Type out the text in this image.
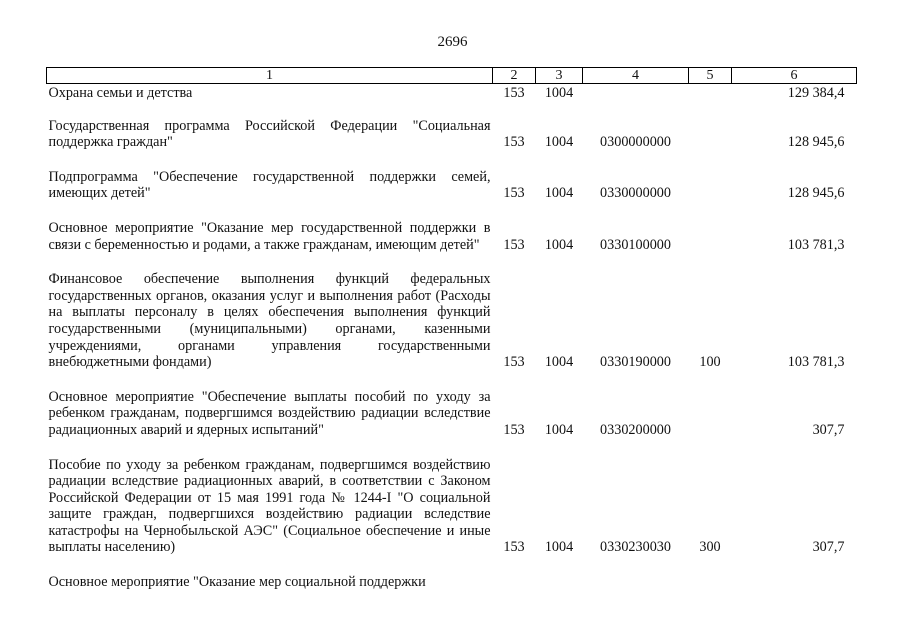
2696
1	2	3	4	5	6
Охрана семьи и детства	153	1004			129 384,4
Государственная программа Российской Федерации "Социальная поддержка граждан"	153	1004	0300000000		128 945,6
Подпрограмма "Обеспечение государственной поддержки семей, имеющих детей"	153	1004	0330000000		128 945,6
Основное мероприятие "Оказание мер государственной поддержки в связи с беременностью и родами, а также гражданам, имеющим детей"	153	1004	0330100000		103 781,3
Финансовое обеспечение выполнения функций федеральных государственных органов, оказания услуг и выполнения работ (Расходы на выплаты персоналу в целях обеспечения выполнения функций государственными (муниципальными) органами, казенными учреждениями, органами управления государственными внебюджетными фондами)	153	1004	0330190000	100	103 781,3
Основное мероприятие "Обеспечение выплаты пособий по уходу за ребенком гражданам, подвергшимся воздействию радиации вследствие радиационных аварий и ядерных испытаний"	153	1004	0330200000		307,7
Пособие по уходу за ребенком гражданам, подвергшимся воздействию радиации вследствие радиационных аварий, в соответствии с Законом Российской Федерации от 15 мая 1991 года № 1244-I "О социальной защите граждан, подвергшихся воздействию радиации вследствие катастрофы на Чернобыльской АЭС" (Социальное обеспечение и иные выплаты населению)	153	1004	0330230030	300	307,7
Основное мероприятие "Оказание мер социальной поддержки					
